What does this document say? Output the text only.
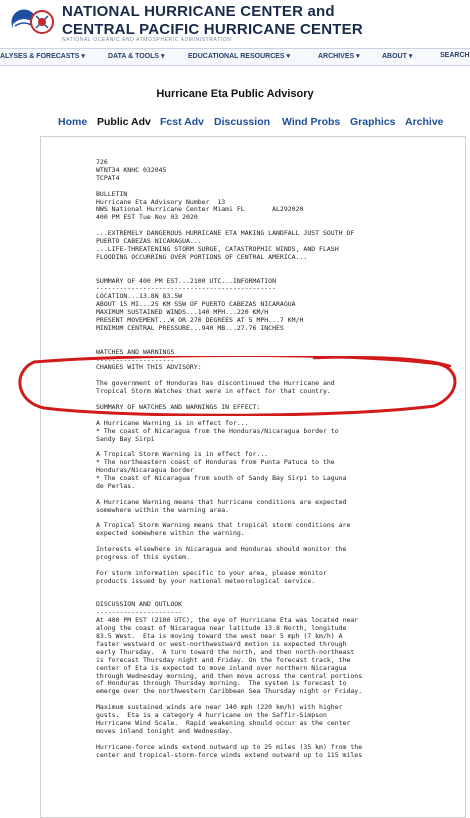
NATIONAL HURRICANE CENTER and
CENTRAL PACIFIC HURRICANE CENTER
NATIONAL OCEANIC AND ATMOSPHERIC ADMINISTRATION
ALYSES & FORECASTS ▾	DATA & TOOLS ▾	EDUCATIONAL RESOURCES ▾	ARCHIVES ▾	ABOUT ▾	SEARCH
Hurricane Eta Public Advisory
Home Public Adv Fcst Adv Discussion Wind Probs Graphics Archive
726
WTNT34 KNHC 032045
TCPAT4
BULLETIN
Hurricane Eta Advisory Number  13
NWS National Hurricane Center Miami FL       AL292020
400 PM EST Tue Nov 03 2020
...EXTREMELY DANGEROUS HURRICANE ETA MAKING LANDFALL JUST SOUTH OF
PUERTO CABEZAS NICARAGUA...
...LIFE-THREATENING STORM SURGE, CATASTROPHIC WINDS, AND FLASH
FLOODING OCCURRING OVER PORTIONS OF CENTRAL AMERICA...
SUMMARY OF 400 PM EST...2100 UTC...INFORMATION
----------------------------------------------
LOCATION...13.8N 83.5W
ABOUT 15 MI...25 KM SSW OF PUERTO CABEZAS NICARAGUA
MAXIMUM SUSTAINED WINDS...140 MPH...220 KM/H
PRESENT MOVEMENT...W OR 270 DEGREES AT 5 MPH...7 KM/H
MINIMUM CENTRAL PRESSURE...940 MB...27.76 INCHES
WATCHES AND WARNINGS
--------------------
CHANGES WITH THIS ADVISORY:
The government of Honduras has discontinued the Hurricane and
Tropical Storm Watches that were in effect for that country.
SUMMARY OF WATCHES AND WARNINGS IN EFFECT:
A Hurricane Warning is in effect for...
* The coast of Nicaragua from the Honduras/Nicaragua border to
Sandy Bay Sirpi
A Tropical Storm Warning is in effect for...
* The northeastern coast of Honduras from Punta Patuca to the
Honduras/Nicaragua border
* The coast of Nicaragua from south of Sandy Bay Sirpi to Laguna
de Perlas.
A Hurricane Warning means that hurricane conditions are expected
somewhere within the warning area.
A Tropical Storm Warning means that tropical storm conditions are
expected somewhere within the warning.
Interests elsewhere in Nicaragua and Honduras should monitor the
progress of this system.
For storm information specific to your area, please monitor
products issued by your national meteorological service.
DISCUSSION AND OUTLOOK
----------------------
At 400 PM EST (2100 UTC), the eye of Hurricane Eta was located near
along the coast of Nicaragua near latitude 13.8 North, longitude
83.5 West.  Eta is moving toward the west near 5 mph (7 km/h) A
faster westward or west-northwestward motion is expected through
early Thursday.  A turn toward the north, and then north-northeast
is forecast Thursday night and Friday. On the forecast track, the
center of Eta is expected to move inland over northern Nicaragua
through Wednesday morning, and then move across the central portions
of Honduras through Thursday morning.  The system is forecast to
emerge over the northwestern Caribbean Sea Thursday night or Friday.
Maximum sustained winds are near 140 mph (220 km/h) with higher
gusts.  Eta is a category 4 hurricane on the Saffir-Simpson
Hurricane Wind Scale.  Rapid weakening should occur as the center
moves inland tonight and Wednesday.
Hurricane-force winds extend outward up to 25 miles (35 km) from the
center and tropical-storm-force winds extend outward up to 115 miles
